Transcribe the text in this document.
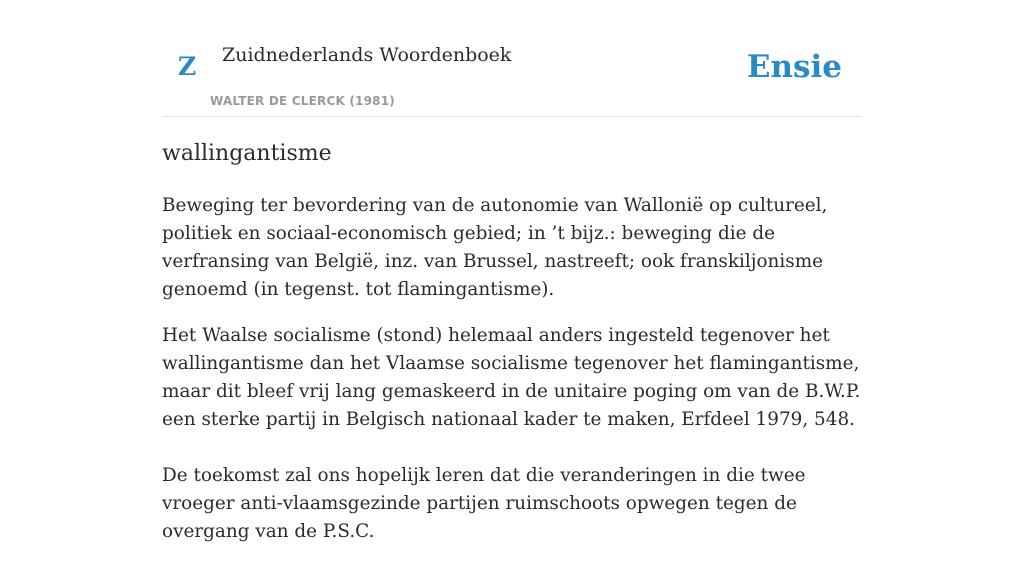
Z Zuidnederlands Woordenboek
WALTER DE CLERCK (1981)
Ensie
wallingantisme

Beweging ter bevordering van de autonomie van Wallonië op cultureel, politiek en sociaal-economisch gebied; in ’t bijz.: beweging die de verfransing van België, inz. van Brussel, nastreeft; ook franskiljonisme genoemd (in tegenst. tot flamingantisme).

Het Waalse socialisme (stond) helemaal anders ingesteld tegenover het wallingantisme dan het Vlaamse socialisme tegenover het flamingantisme, maar dit bleef vrij lang gemaskeerd in de unitaire poging om van de B.W.P. een sterke partij in Belgisch nationaal kader te maken, Erfdeel 1979, 548.

De toekomst zal ons hopelijk leren dat die veranderingen in die twee vroeger anti-vlaamsgezinde partijen ruimschoots opwegen tegen de overgang van de P.S.C.
